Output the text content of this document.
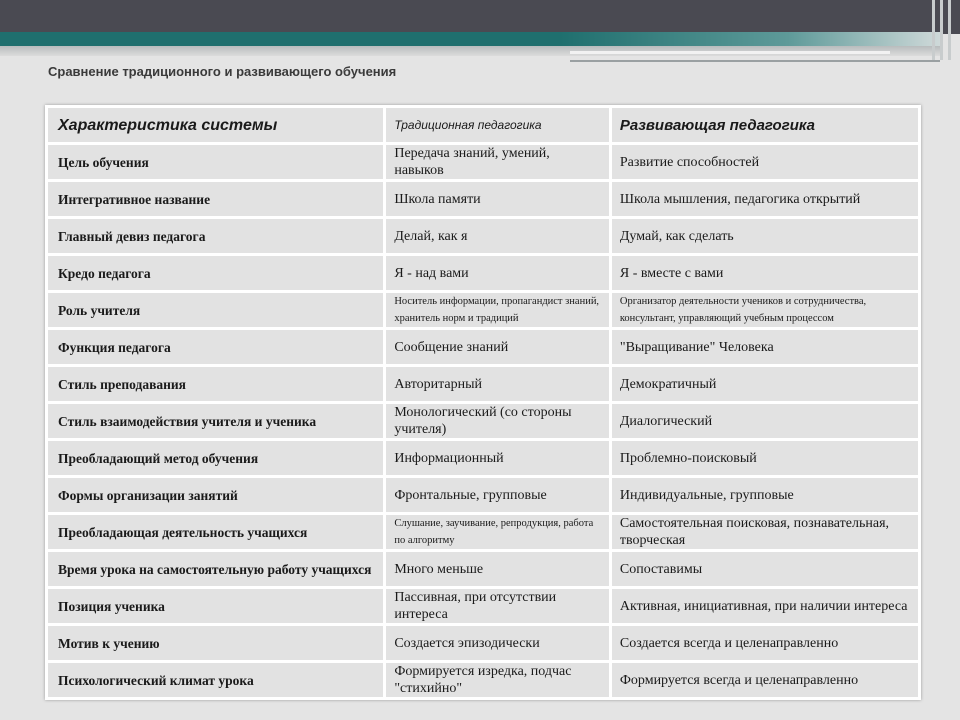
Сравнение традиционного и развивающего обучения
Характеристика системы	Традиционная педагогика	Развивающая педагогика
Цель обучения	Передача знаний, умений, навыков	Развитие способностей
Интегративное название	Школа памяти	Школа мышления, педагогика открытий
Главный девиз педагога	Делай, как я	Думай, как сделать
Кредо педагога	Я - над вами	Я - вместе с вами
Роль учителя	Носитель информации, пропагандист знаний, хранитель норм и традиций	Организатор деятельности учеников и сотрудничества, консультант, управляющий учебным процессом
Функция педагога	Сообщение знаний	"Выращивание" Человека
Стиль преподавания	Авторитарный	Демократичный
Стиль взаимодействия учителя и ученика	Монологический (со стороны учителя)	Диалогический
Преобладающий метод обучения	Информационный	Проблемно-поисковый
Формы организации занятий	Фронтальные, групповые	Индивидуальные, групповые
Преобладающая деятельность учащихся	Слушание, заучивание, репродукция, работа по алгоритму	Самостоятельная поисковая, познавательная, творческая
Время урока на самостоятельную работу учащихся	Много меньше	Сопоставимы
Позиция ученика	Пассивная, при отсутствии интереса	Активная, инициативная, при наличии интереса
Мотив к учению	Создается эпизодически	Создается всегда и целенаправленно
Психологический климат урока	Формируется изредка, подчас "стихийно"	Формируется всегда и целенаправленно
